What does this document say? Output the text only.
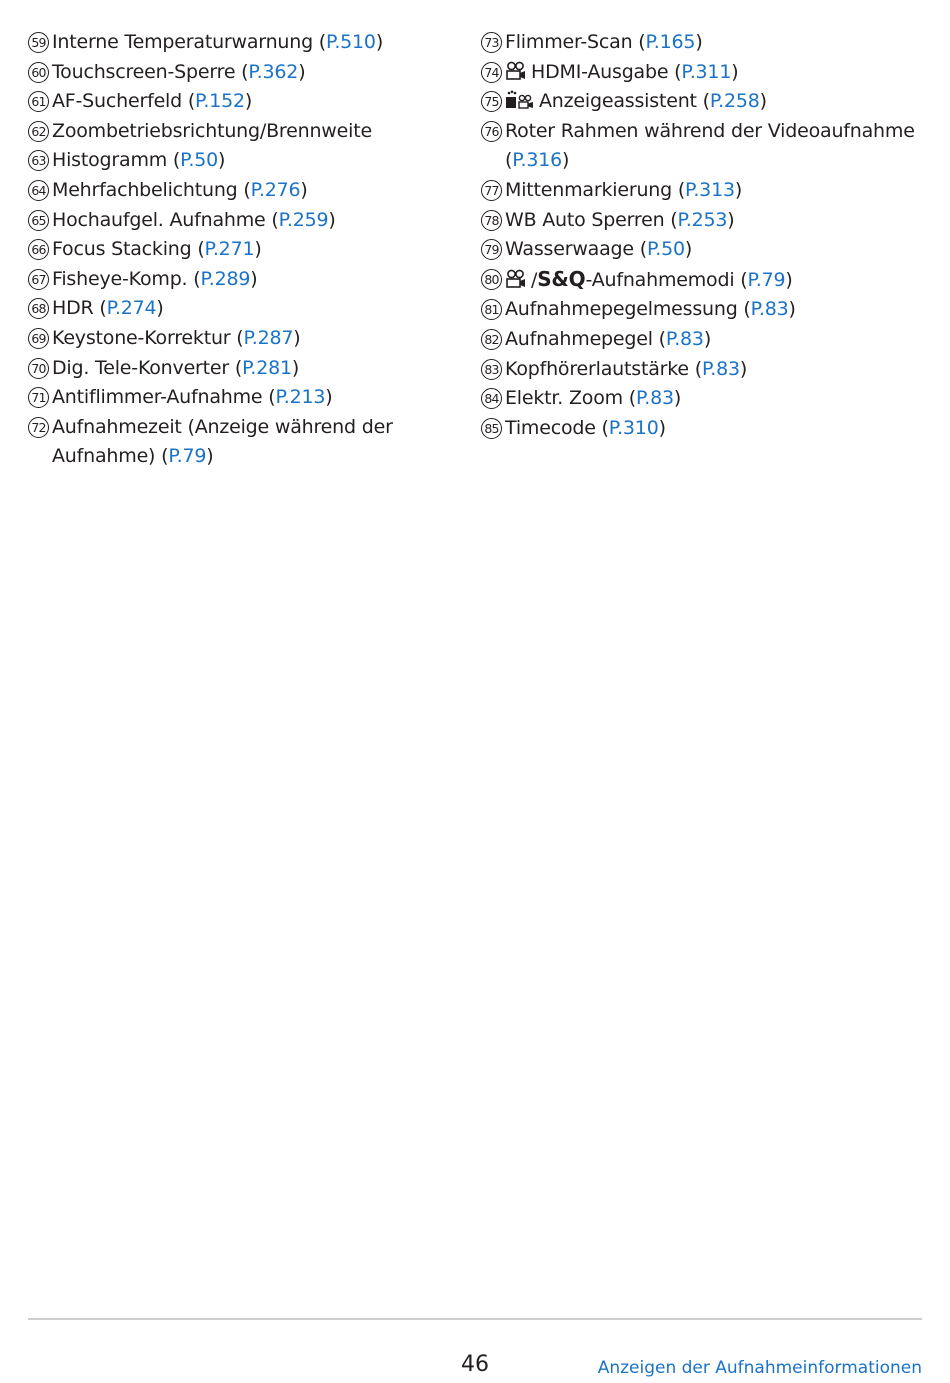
59 Interne Temperaturwarnung (P.510)
60 Touchscreen-Sperre (P.362)
61 AF-Sucherfeld (P.152)
62 Zoombetriebsrichtung/Brennweite
63 Histogramm (P.50)
64 Mehrfachbelichtung (P.276)
65 Hochaufgel. Aufnahme (P.259)
66 Focus Stacking (P.271)
67 Fisheye-Komp. (P.289)
68 HDR (P.274)
69 Keystone-Korrektur (P.287)
70 Dig. Tele-Konverter (P.281)
71 Antiflimmer-Aufnahme (P.213)
72 Aufnahmezeit (Anzeige während der Aufnahme) (P.79)
73 Flimmer-Scan (P.165)
74	HDMI-Ausgabe (P.311)
75	Anzeigeassistent (P.258)
76 Roter Rahmen während der Videoaufnahme (P.316)
77 Mittenmarkierung (P.313)
78 WB Auto Sperren (P.253)
79 Wasserwaage (P.50)
80	/S&Q-Aufnahmemodi (P.79)
81 Aufnahmepegelmessung (P.83)
82 Aufnahmepegel (P.83)
83 Kopfhörerlautstärke (P.83)
84 Elektr. Zoom (P.83)
85 Timecode (P.310)
46	Anzeigen der Aufnahmeinformationen
